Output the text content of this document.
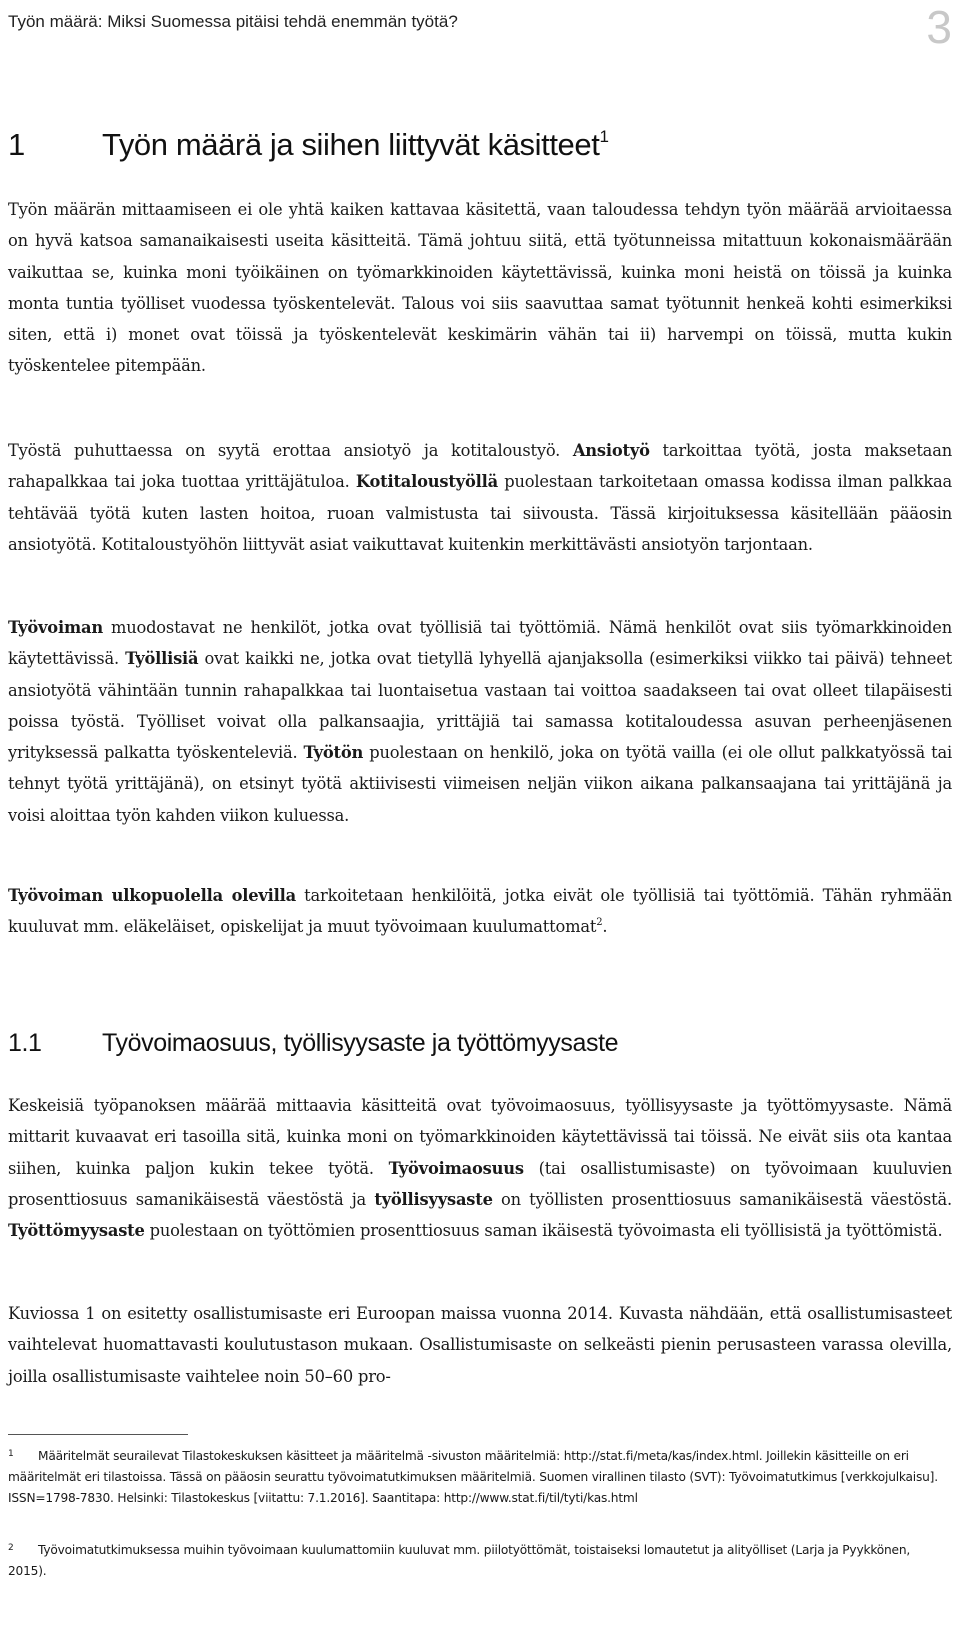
Työn määrä: Miksi Suomessa pitäisi tehdä enemmän työtä?	3
1 Työn määrä ja siihen liittyvät käsitteet$^1$

Työn määrän mittaamiseen ei ole yhtä kaiken kattavaa käsitettä, vaan taloudessa tehdyn työn määrää arvioitaessa on hyvä katsoa samanaikaisesti useita käsitteitä. Tämä johtuu siitä, että työtunneissa mitattuun kokonaismäärään vaikuttaa se, kuinka moni työikäinen on työmarkkinoiden käytettävissä, kuinka moni heistä on töissä ja kuinka monta tuntia työlliset vuodessa työskentelevät. Talous voi siis saavuttaa samat työtunnit henkeä kohti esimerkiksi siten, että i) monet ovat töissä ja työskentelevät keskimärin vähän tai ii) harvempi on töissä, mutta kukin työskentelee pitempään.

Työstä puhuttaessa on syytä erottaa ansiotyö ja kotitaloustyö. Ansiotyö tarkoittaa työtä, josta maksetaan rahapalkkaa tai joka tuottaa yrittäjätuloa. Kotitaloustyöllä puolestaan tarkoitetaan omassa kodissa ilman palkkaa tehtävää työtä kuten lasten hoitoa, ruoan valmistusta tai siivousta. Tässä kirjoituksessa käsitellään pääosin ansiotyötä. Kotitaloustyöhön liittyvät asiat vaikuttavat kuitenkin merkittävästi ansiotyön tarjontaan.

Työvoiman muodostavat ne henkilöt, jotka ovat työllisiä tai työttömiä. Nämä henkilöt ovat siis työmarkkinoiden käytettävissä. Työllisiä ovat kaikki ne, jotka ovat tietyllä lyhyellä ajanjaksolla (esimerkiksi viikko tai päivä) tehneet ansiotyötä vähintään tunnin rahapalkkaa tai luontaisetua vastaan tai voittoa saadakseen tai ovat olleet tilapäisesti poissa työstä. Työlliset voivat olla palkansaajia, yrittäjiä tai samassa kotitaloudessa asuvan perheenjäsenen yrityksessä palkatta työskenteleviä. Työtön puolestaan on henkilö, joka on työtä vailla (ei ole ollut palkkatyössä tai tehnyt työtä yrittäjänä), on etsinyt työtä aktiivisesti viimeisen neljän viikon aikana palkansaajana tai yrittäjänä ja voisi aloittaa työn kahden viikon kuluessa.

Työvoiman ulkopuolella olevilla tarkoitetaan henkilöitä, jotka eivät ole työllisiä tai työttömiä. Tähän ryhmään kuuluvat mm. eläkeläiset, opiskelijat ja muut työvoimaan kuulumattomat$^2$.

1.1 Työvoimaosuus, työllisyysaste ja työttömyysaste

Keskeisiä työpanoksen määrää mittaavia käsitteitä ovat työvoimaosuus, työllisyysaste ja työttömyysaste. Nämä mittarit kuvaavat eri tasoilla sitä, kuinka moni on työmarkkinoiden käytettävissä tai töissä. Ne eivät siis ota kantaa siihen, kuinka paljon kukin tekee työtä. Työvoimaosuus (tai osallistumisaste) on työvoimaan kuuluvien prosenttiosuus samanikäisestä väestöstä ja työllisyysaste on työllisten prosenttiosuus samanikäisestä väestöstä. Työttömyysaste puolestaan on työttömien prosenttiosuus saman ikäisestä työvoimasta eli työllisistä ja työttömistä.

Kuviossa 1 on esitetty osallistumisaste eri Euroopan maissa vuonna 2014. Kuvasta nähdään, että osallistumisasteet vaihtelevat huomattavasti koulutustason mukaan. Osallistumisaste on selkeästi pienin perusasteen varassa olevilla, joilla osallistumisaste vaihtelee noin 50–60 pro-

1 Määritelmät seurailevat Tilastokeskuksen käsitteet ja määritelmä -sivuston määritelmiä: http://stat.fi/meta/kas/index.html. Joillekin käsitteille on eri määritelmät eri tilastoissa. Tässä on pääosin seurattu työvoimatutkimuksen määritelmiä. Suomen virallinen tilasto (SVT): Työvoimatutkimus [verkkojulkaisu]. ISSN=1798-7830. Helsinki: Tilastokeskus [viitattu: 7.1.2016]. Saantitapa: http://www.stat.fi/til/tyti/kas.html

2 Työvoimatutkimuksessa muihin työvoimaan kuulumattomiin kuuluvat mm. piilotyöttömät, toistaiseksi lomautetut ja alityölliset (Larja ja Pyykkönen, 2015).
